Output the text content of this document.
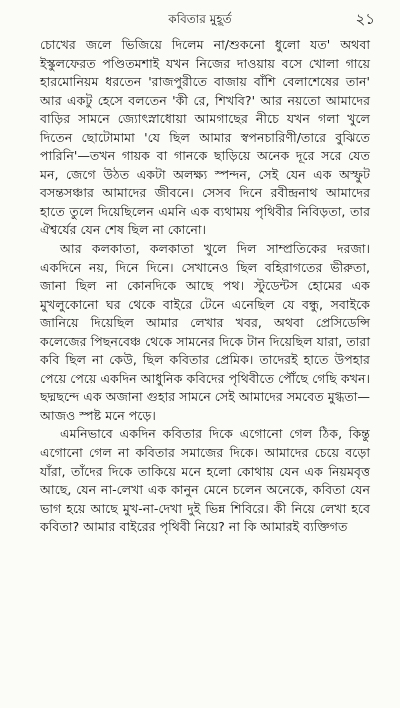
কবিতার মুহূর্ত	২১

চোখের জলে ভিজিয়ে দিলেম না/শুকনো ধুলো যত' অথবা ইস্কুলফেরত পণ্ডিতমশাই যখন নিজের দাওয়ায় বসে খোলা গায়ে হারমোনিয়ম ধরতেন 'রাজপুরীতে বাজায় বাঁশি বেলাশেষের তান' আর একটু হেসে বলতেন 'কী রে, শিখবি?' আর নয়তো আমাদের বাড়ির সামনে জ্যোৎস্নাধোয়া আমগাছের নীচে যখন গলা খুলে দিতেন ছোটোমামা 'যে ছিল আমার স্বপনচারিণী/তারে বুঝিতে পারিনি'—তখন গায়ক বা গানকে ছাড়িয়ে অনেক দূরে সরে যেত মন, জেগে উঠত একটা অলক্ষ্য স্পন্দন, সেই যেন এক অস্ফুট বসন্তসঞ্চার আমাদের জীবনে। সেসব দিনে রবীন্দ্রনাথ আমাদের হাতে তুলে দিয়েছিলেন এমনি এক ব্যথাময় পৃথিবীর নিবিড়তা, তার ঐশ্বর্যের যেন শেষ ছিল না কোনো।

আর কলকাতা, কলকাতা খুলে দিল সাম্প্রতিকের দরজা। একদিনে নয়, দিনে দিনে। সেখানেও ছিল বহিরাগতের ভীরুতা, জানা ছিল না কোনদিকে আছে পথ। স্টুডেন্টস হোমের এক মুখলুকোনো ঘর থেকে বাইরে টেনে এনেছিল যে বন্ধু, সবাইকে জানিয়ে দিয়েছিল আমার লেখার খবর, অথবা প্রেসিডেন্সি কলেজের পিছনবেঞ্চ থেকে সামনের দিকে টান দিয়েছিল যারা, তারা কবি ছিল না কেউ, ছিল কবিতার প্রেমিক। তাদেরই হাতে উপহার পেয়ে পেয়ে একদিন আধুনিক কবিদের পৃথিবীতে পৌঁছে গেছি কখন। ছদ্মছন্দে এক অজানা গুহার সামনে সেই আমাদের সমবেত মুগ্ধতা—আজও স্পষ্ট মনে পড়ে।

এমনিভাবে একদিন কবিতার দিকে এগোনো গেল ঠিক, কিন্তু এগোনো গেল না কবিতার সমাজের দিকে। আমাদের চেয়ে বড়ো যাঁরা, তাঁদের দিকে তাকিয়ে মনে হলো কোথায় যেন এক নিয়মবৃত্ত আছে, যেন না-লেখা এক কানুন মেনে চলেন অনেকে, কবিতা যেন ভাগ হয়ে আছে মুখ-না-দেখা দুই ভিন্ন শিবিরে। কী নিয়ে লেখা হবে কবিতা? আমার বাইরের পৃথিবী নিয়ে? না কি আমারই ব্যক্তিগত
